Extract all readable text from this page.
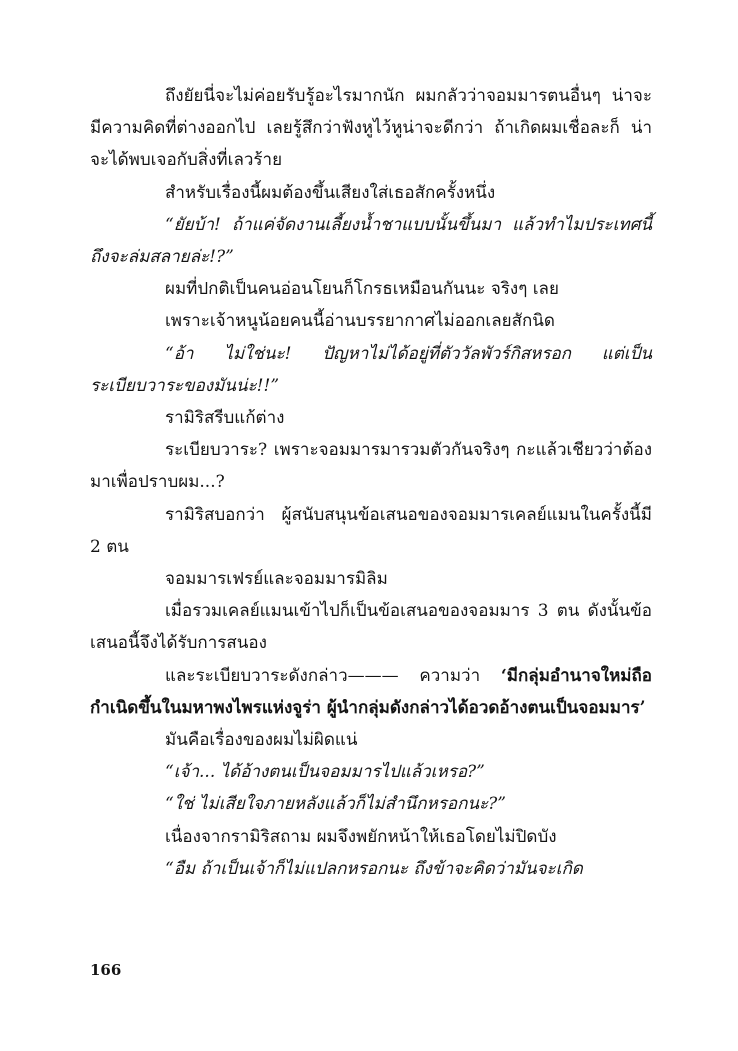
ถึงยัยนี่จะไม่ค่อยรับรู้อะไรมากนัก ผมกลัวว่าจอมมารตนอื่นๆ น่าจะมีความคิดที่ต่างออกไป เลยรู้สึกว่าฟังหูไว้หูน่าจะดีกว่า ถ้าเกิดผมเชื่อละก็ น่าจะได้พบเจอกับสิ่งที่เลวร้าย

สำหรับเรื่องนี้ผมต้องขึ้นเสียงใส่เธอสักครั้งหนึ่ง

“ยัยบ้า! ถ้าแค่จัดงานเลี้ยงน้ำชาแบบนั้นขึ้นมา แล้วทำไมประเทศนี้ถึงจะล่มสลายล่ะ!?”

ผมที่ปกติเป็นคนอ่อนโยนก็โกรธเหมือนกันนะ จริงๆ เลย

เพราะเจ้าหนูน้อยคนนี้อ่านบรรยากาศไม่ออกเลยสักนิด

“อ้า ไม่ใช่นะ! ปัญหาไม่ได้อยู่ที่ตัววัลพัวร์กิสหรอก แต่เป็นระเบียบวาระของมันน่ะ!!”

รามิริสรีบแก้ต่าง

ระเบียบวาระ? เพราะจอมมารมารวมตัวกันจริงๆ กะแล้วเชียวว่าต้องมาเพื่อปราบผม...?

รามิริสบอกว่า ผู้สนับสนุนข้อเสนอของจอมมารเคลย์แมนในครั้งนี้มี 2 ตน

จอมมารเฟรย์และจอมมารมิลิม

เมื่อรวมเคลย์แมนเข้าไปก็เป็นข้อเสนอของจอมมาร 3 ตน ดังนั้นข้อเสนอนี้จึงได้รับการสนอง

และระเบียบวาระดังกล่าว——— ความว่า ‘มีกลุ่มอำนาจใหม่ถือกำเนิดขึ้นในมหาพงไพรแห่งจูร่า ผู้นำกลุ่มดังกล่าวได้อวดอ้างตนเป็นจอมมาร’

มันคือเรื่องของผมไม่ผิดแน่

“เจ้า... ได้อ้างตนเป็นจอมมารไปแล้วเหรอ?”

“ใช่ ไม่เสียใจภายหลังแล้วก็ไม่สำนึกหรอกนะ?”

เนื่องจากรามิริสถาม ผมจึงพยักหน้าให้เธอโดยไม่ปิดบัง

“อืม ถ้าเป็นเจ้าก็ไม่แปลกหรอกนะ ถึงข้าจะคิดว่ามันจะเกิด

166
